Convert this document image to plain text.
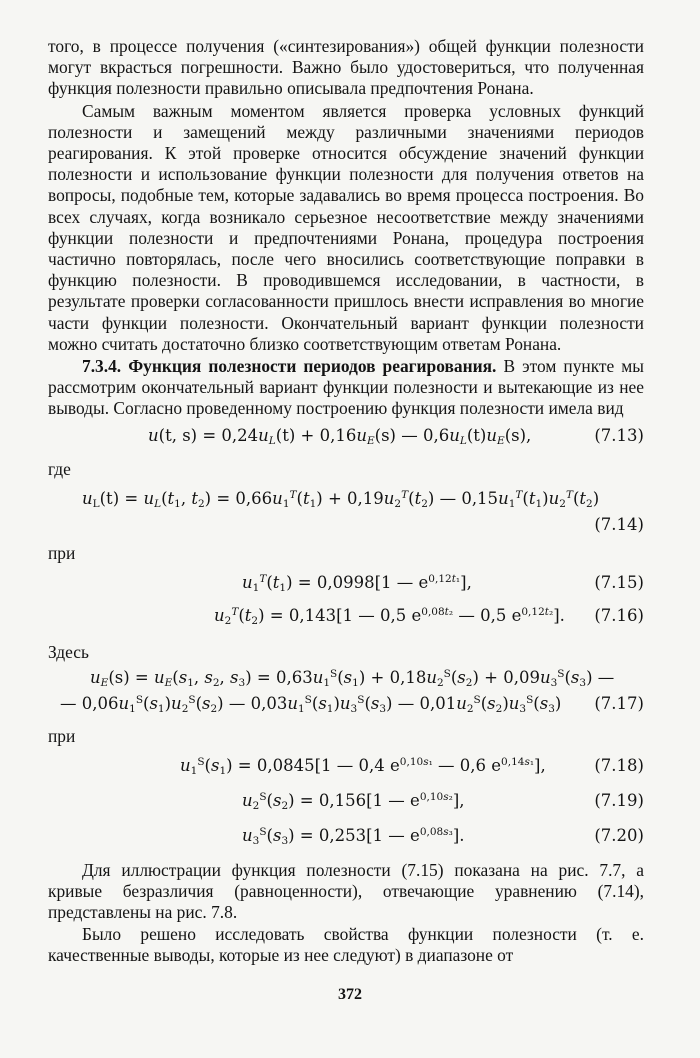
того, в процессе получения («синтезирования») общей функции полезности могут вкрасться погрешности. Важно было удостовериться, что полученная функция полезности правильно описывала предпочтения Ронана.

Самым важным моментом является проверка условных функций полезности и замещений между различными значениями периодов реагирования. К этой проверке относится обсуждение значений функции полезности и использование функции полезности для получения ответов на вопросы, подобные тем, которые задавались во время процесса построения. Во всех случаях, когда возникало серьезное несоответствие между значениями функции полезности и предпочтениями Ронана, процедура построения частично повторялась, после чего вносились соответствующие поправки в функцию полезности. В проводившемся исследовании, в частности, в результате проверки согласованности пришлось внести исправления во многие части функции полезности. Окончательный вариант функции полезности можно считать достаточно близко соответствующим ответам Ронана.

7.3.4. Функция полезности периодов реагирования. В этом пункте мы рассмотрим окончательный вариант функции полезности и вытекающие из нее выводы. Согласно проведенному построению функция полезности имела вид

u(t, $s) = 0,24u_L(t) + 0,16u_E(s)$ — $0,6u_L(t)u_E(s)$,	(7.13)
где
$u_L(t) = u_L(t_1$, $t_2) = 0,66u_1^T(t_1) + 0,19u_2^T(t_2)$ — $0,15u_1^T(t_1)u_2^T(t_2)$
(7.14)
при
$u_1^T(t_1) = 0,0998[1$ — $e^{0,12t_1}$],	(7.15)
$u_2^T(t_2) = 0,143[1$ — 0,5 $e^{0,08t_2}$ — 0,5 $e^{0,12t_2}$]. (7.16)
Здесь
$u_E(s) = u_E(s_1$, $s_2$, $s_3) = 0,63u_1^S(s_1) + 0,18u_2^S(s_2) + 0,09u_3^S(s_3)$ —
— $0,06u_1^S(s_1)u_2^S(s_2)$ — $0,03u_1^S(s_1)u_3^S(s_3)$ — $0,01u_2^S(s_2)u_3^S(s_3)$ (7.17)
при
$u_1^S(s_1) = 0,0845[1$ — 0,4 $e^{0,10s_1}$ — 0,6 $e^{0,14s_1}$],	(7.18)
$u_2^S(s_2) = 0,156[1$ — $e^{0,10s_2}$],	(7.19)
$u_3^S(s_3) = 0,253[1$ — $e^{0,08s_3}$].	(7.20)

Для иллюстрации функция полезности (7.15) показана на рис. 7.7, а кривые безразличия (равноценности), отвечающие уравнению (7.14), представлены на рис. 7.8.

Было решено исследовать свойства функции полезности (т. е. качественные выводы, которые из нее следуют) в диапазоне от

372
